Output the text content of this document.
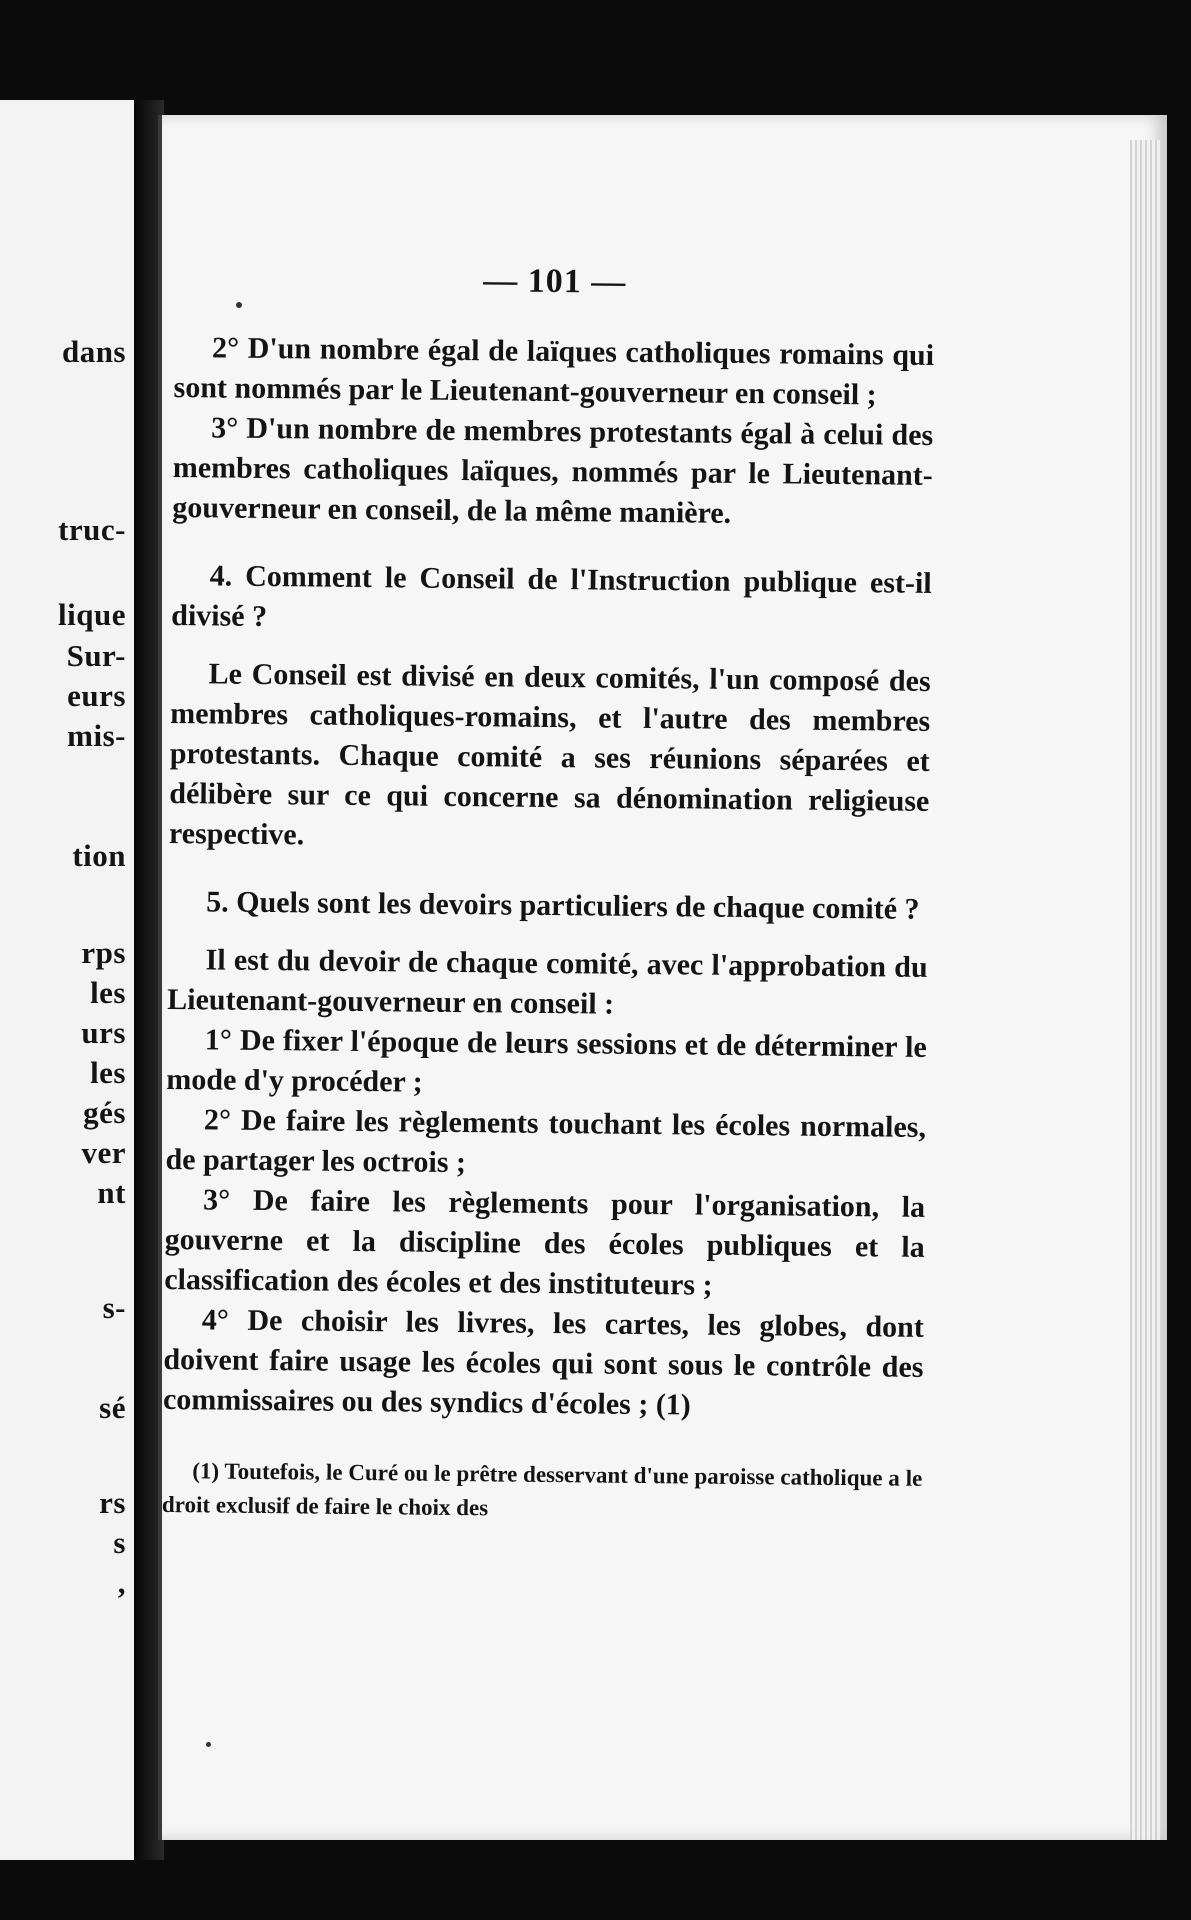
dans
truc-
lique
Sur-
eurs
mis-
tion
rps
les
urs
les
gés
ver
nt
s-
sé
rs
s
,
— 101 —

2° D'un nombre égal de laïques catholiques romains qui sont nommés par le Lieutenant-gouverneur en conseil ;

3° D'un nombre de membres protestants égal à celui des membres catholiques laïques, nommés par le Lieutenant-gouverneur en conseil, de la même manière.

4. Comment le Conseil de l'Instruction publique est-il divisé ?

Le Conseil est divisé en deux comités, l'un composé des membres catholiques-romains, et l'autre des membres protestants. Chaque comité a ses réunions séparées et délibère sur ce qui concerne sa dénomination religieuse respective.

5. Quels sont les devoirs particuliers de chaque comité ?

Il est du devoir de chaque comité, avec l'approbation du Lieutenant-gouverneur en conseil :

1° De fixer l'époque de leurs sessions et de déterminer le mode d'y procéder ;

2° De faire les règlements touchant les écoles normales, de partager les octrois ;

3° De faire les règlements pour l'organisation, la gouverne et la discipline des écoles publiques et la classification des écoles et des instituteurs ;

4° De choisir les livres, les cartes, les globes, dont doivent faire usage les écoles qui sont sous le contrôle des commissaires ou des syndics d'écoles ; (1)

(1) Toutefois, le Curé ou le prêtre desservant d'une paroisse catholique a le droit exclusif de faire le choix des
